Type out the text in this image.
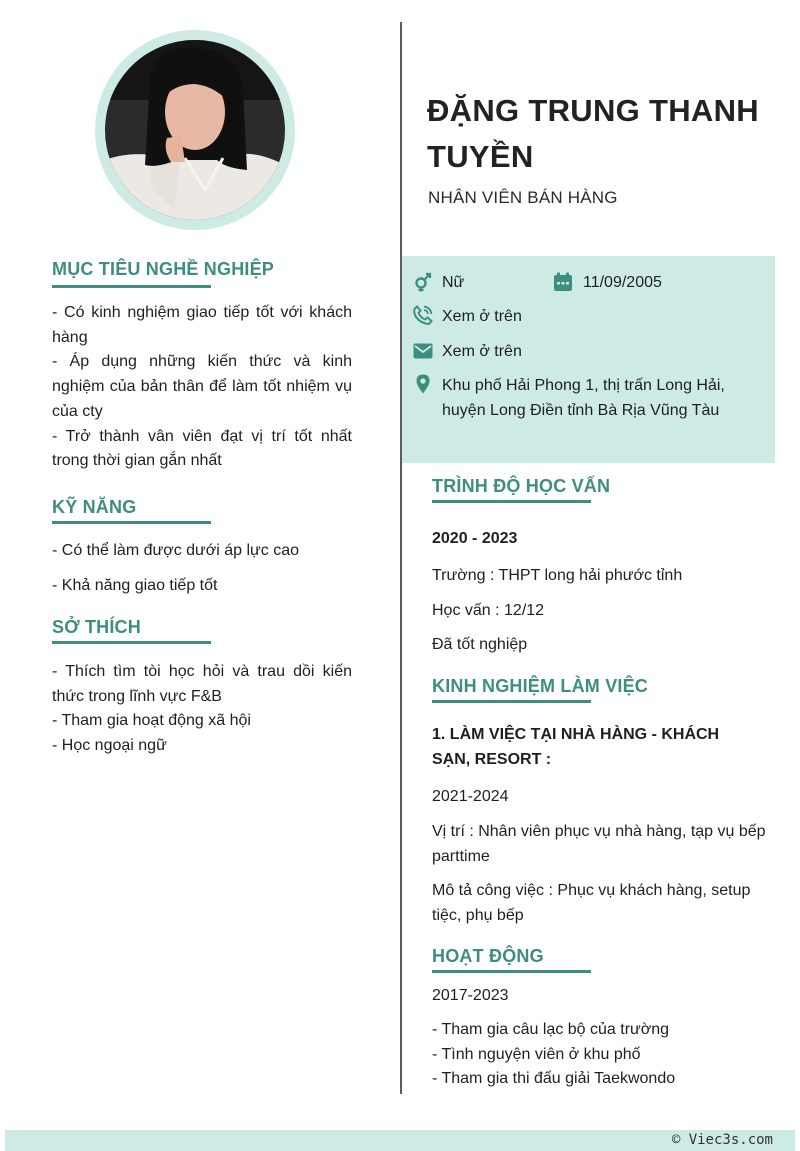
MỤC TIÊU NGHỀ NGHIỆP

- Có kinh nghiệm giao tiếp tốt với khách hàng

- Áp dụng những kiến thức và kinh nghiệm của bản thân để làm tốt nhiệm vụ của cty

- Trở thành vân viên đạt vị trí tốt nhất trong thời gian gắn nhất

KỸ NĂNG
- Có thể làm được dưới áp lực cao
- Khả năng giao tiếp tốt
SỞ THÍCH

- Thích tìm tòi học hỏi và trau dồi kiến thức trong lĩnh vực F&B

- Tham gia hoạt động xã hội

- Học ngoại ngữ

ĐẶNG TRUNG THANH TUYỀN
NHÂN VIÊN BÁN HÀNG
Nữ	11/09/2005
Xem ở trên
Xem ở trên
Khu phố Hải Phong 1, thị trấn Long Hải, huyện Long Điền tỉnh Bà Rịa Vũng Tàu
TRÌNH ĐỘ HỌC VẤN

2020 - 2023

Trường : THPT long hải phước tỉnh

Học vấn : 12/12

Đã tốt nghiệp

KINH NGHIỆM LÀM VIỆC

1. LÀM VIỆC TẠI NHÀ HÀNG - KHÁCH SẠN, RESORT :

2021-2024

Vị trí : Nhân viên phục vụ nhà hàng, tạp vụ bếp parttime

Mô tả công việc : Phục vụ khách hàng, setup tiệc, phụ bếp

HOẠT ĐỘNG

2017-2023

- Tham gia câu lạc bộ của trường
- Tình nguyện viên ở khu phố
- Tham gia thi đấu giải Taekwondo
© Viec3s.com
